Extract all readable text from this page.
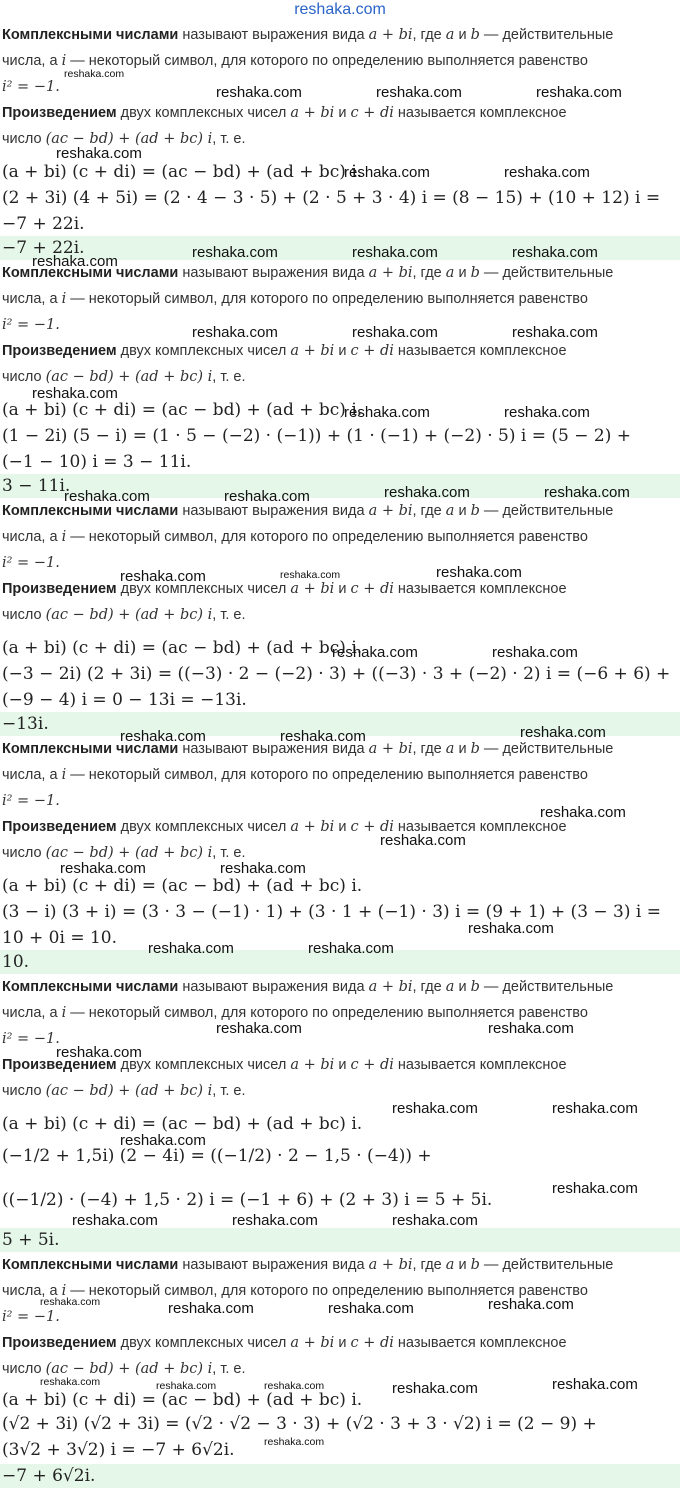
reshaka.com
Комплексными числами называют выражения вида a + bi, где a и b — действительные
числа, а i — некоторый символ, для которого по определению выполняется равенство
i² = −1.
Произведением двух комплексных чисел a + bi и c + di называется комплексное
число (ac − bd) + (ad + bc) i, т. е.
(a + bi) (c + di) = (ac − bd) + (ad + bc) i.
(2 + 3i) (4 + 5i) = (2 · 4 − 3 · 5) + (2 · 5 + 3 · 4) i = (8 − 15) + (10 + 12) i =
−7 + 22i.
−7 + 22i.
Комплексными числами называют выражения вида a + bi, где a и b — действительные
числа, а i — некоторый символ, для которого по определению выполняется равенство
i² = −1.
Произведением двух комплексных чисел a + bi и c + di называется комплексное
число (ac − bd) + (ad + bc) i, т. е.
(a + bi) (c + di) = (ac − bd) + (ad + bc) i.
(1 − 2i) (5 − i) = (1 · 5 − (−2) · (−1)) + (1 · (−1) + (−2) · 5) i = (5 − 2) +
(−1 − 10) i = 3 − 11i.
3 − 11i.
Комплексными числами называют выражения вида a + bi, где a и b — действительные
числа, а i — некоторый символ, для которого по определению выполняется равенство
i² = −1.
Произведением двух комплексных чисел a + bi и c + di называется комплексное
число (ac − bd) + (ad + bc) i, т. е.
(a + bi) (c + di) = (ac − bd) + (ad + bc) i.
(−3 − 2i) (2 + 3i) = ((−3) · 2 − (−2) · 3) + ((−3) · 3 + (−2) · 2) i = (−6 + 6) +
(−9 − 4) i = 0 − 13i = −13i.
−13i.
Комплексными числами называют выражения вида a + bi, где a и b — действительные
числа, а i — некоторый символ, для которого по определению выполняется равенство
i² = −1.
Произведением двух комплексных чисел a + bi и c + di называется комплексное
число (ac − bd) + (ad + bc) i, т. е.
(a + bi) (c + di) = (ac − bd) + (ad + bc) i.
(3 − i) (3 + i) = (3 · 3 − (−1) · 1) + (3 · 1 + (−1) · 3) i = (9 + 1) + (3 − 3) i =
10 + 0i = 10.
10.
Комплексными числами называют выражения вида a + bi, где a и b — действительные
числа, а i — некоторый символ, для которого по определению выполняется равенство
i² = −1.
Произведением двух комплексных чисел a + bi и c + di называется комплексное
число (ac − bd) + (ad + bc) i, т. е.
(a + bi) (c + di) = (ac − bd) + (ad + bc) i.
(−1/2 + 1,5i) (2 − 4i) = ((−1/2) · 2 − 1,5 · (−4)) +
((−1/2) · (−4) + 1,5 · 2) i = (−1 + 6) + (2 + 3) i = 5 + 5i.
5 + 5i.
Комплексными числами называют выражения вида a + bi, где a и b — действительные
числа, а i — некоторый символ, для которого по определению выполняется равенство
i² = −1.
Произведением двух комплексных чисел a + bi и c + di называется комплексное
число (ac − bd) + (ad + bc) i, т. е.
(a + bi) (c + di) = (ac − bd) + (ad + bc) i.
(√2 + 3i) (√2 + 3i) = (√2 · √2 − 3 · 3) + (√2 · 3 + 3 · √2) i = (2 − 9) +
(3√2 + 3√2) i = −7 + 6√2i.
−7 + 6√2i.
reshaka.com
reshaka.com	reshaka.com	reshaka.com
reshaka.com
reshaka.com	reshaka.com
reshaka.com	reshaka.com	reshaka.com
reshaka.com
reshaka.com	reshaka.com	reshaka.com
reshaka.com
reshaka.com	reshaka.com
reshaka.com	reshaka.com	reshaka.com	reshaka.com
reshaka.com	reshaka.com	reshaka.com
reshaka.com	reshaka.com
reshaka.com	reshaka.com	reshaka.com
reshaka.com
reshaka.com
reshaka.com	reshaka.com
reshaka.com
reshaka.com	reshaka.com
reshaka.com	reshaka.com
reshaka.com
reshaka.com	reshaka.com
reshaka.com
reshaka.com
reshaka.com	reshaka.com	reshaka.com
reshaka.com	reshaka.com	reshaka.com	reshaka.com
reshaka.com	reshaka.com	reshaka.com	reshaka.com	reshaka.com
reshaka.com
